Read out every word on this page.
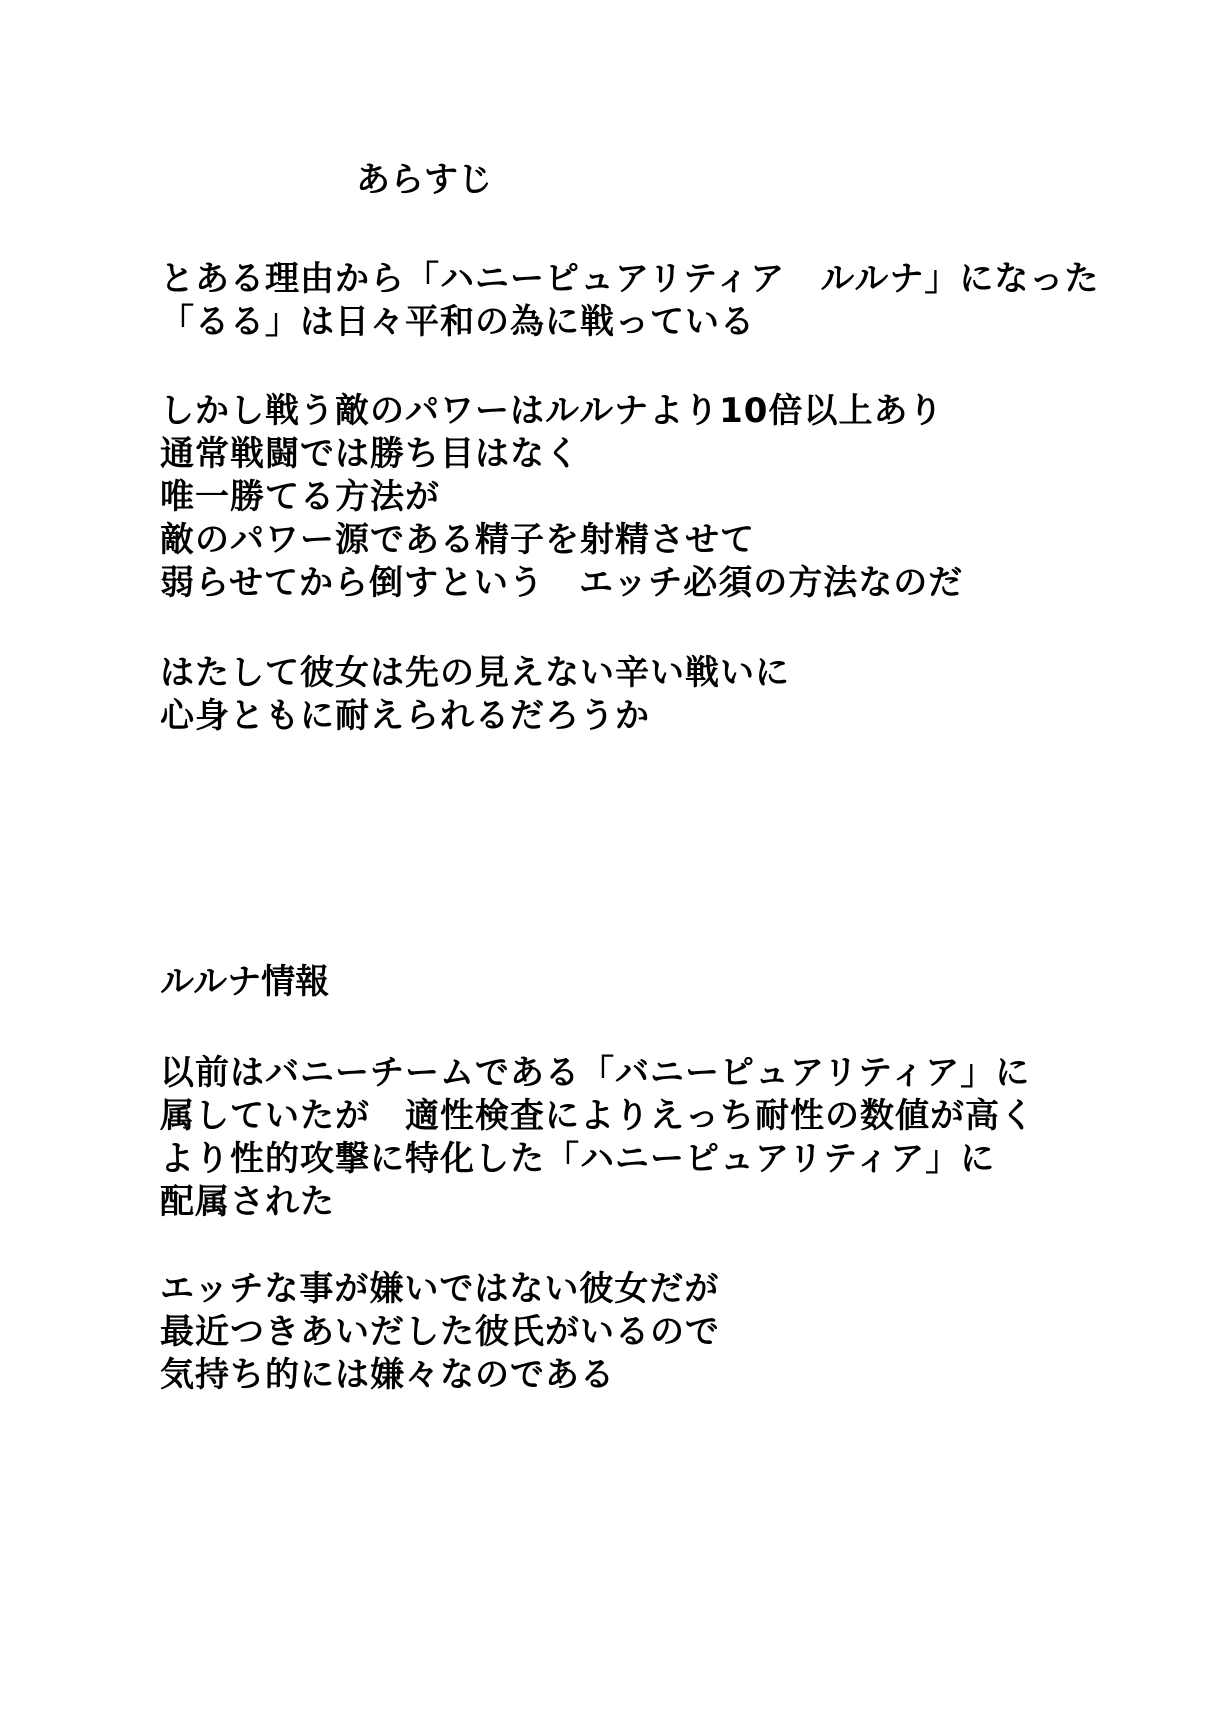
あらすじ
とある理由から「ハニーピュアリティア　ルルナ」になった
「るる」は日々平和の為に戦っている
しかし戦う敵のパワーはルルナより10倍以上あり
通常戦闘では勝ち目はなく
唯一勝てる方法が
敵のパワー源である精子を射精させて
弱らせてから倒すという　エッチ必須の方法なのだ
はたして彼女は先の見えない辛い戦いに
心身ともに耐えられるだろうか
ルルナ情報
以前はバニーチームである「バニーピュアリティア」に
属していたが　適性検査によりえっち耐性の数値が高く
より性的攻撃に特化した「ハニーピュアリティア」に
配属された
エッチな事が嫌いではない彼女だが
最近つきあいだした彼氏がいるので
気持ち的には嫌々なのである
